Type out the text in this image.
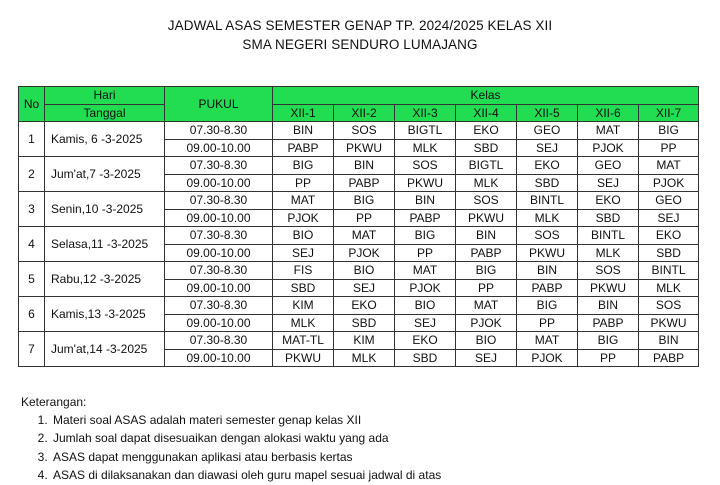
JADWAL ASAS SEMESTER GENAP TP. 2024/2025 KELAS XII
SMA NEGERI SENDURO LUMAJANG
No	Hari	PUKUL	Kelas						
	Tanggal		XII-1	XII-2	XII-3	XII-4	XII-5	XII-6	XII-7
1	Kamis, 6 -3-2025	07.30-8.30	BIN	SOS	BIGTL	EKO	GEO	MAT	BIG
		09.00-10.00	PABP	PKWU	MLK	SBD	SEJ	PJOK	PP
2	Jum'at,7 -3-2025	07.30-8.30	BIG	BIN	SOS	BIGTL	EKO	GEO	MAT
		09.00-10.00	PP	PABP	PKWU	MLK	SBD	SEJ	PJOK
3	Senin,10 -3-2025	07.30-8.30	MAT	BIG	BIN	SOS	BINTL	EKO	GEO
		09.00-10.00	PJOK	PP	PABP	PKWU	MLK	SBD	SEJ
4	Selasa,11 -3-2025	07.30-8.30	BIO	MAT	BIG	BIN	SOS	BINTL	EKO
		09.00-10.00	SEJ	PJOK	PP	PABP	PKWU	MLK	SBD
5	Rabu,12 -3-2025	07.30-8.30	FIS	BIO	MAT	BIG	BIN	SOS	BINTL
		09.00-10.00	SBD	SEJ	PJOK	PP	PABP	PKWU	MLK
6	Kamis,13 -3-2025	07.30-8.30	KIM	EKO	BIO	MAT	BIG	BIN	SOS
		09.00-10.00	MLK	SBD	SEJ	PJOK	PP	PABP	PKWU
7	Jum'at,14 -3-2025	07.30-8.30	MAT-TL	KIM	EKO	BIO	MAT	BIG	BIN
		09.00-10.00	PKWU	MLK	SBD	SEJ	PJOK	PP	PABP
Keterangan:
1. Materi soal ASAS adalah materi semester genap kelas XII
2. Jumlah soal dapat disesuaikan dengan alokasi waktu yang ada
3. ASAS dapat menggunakan aplikasi atau berbasis kertas
4. ASAS di dilaksanakan dan diawasi oleh guru mapel sesuai jadwal di atas
